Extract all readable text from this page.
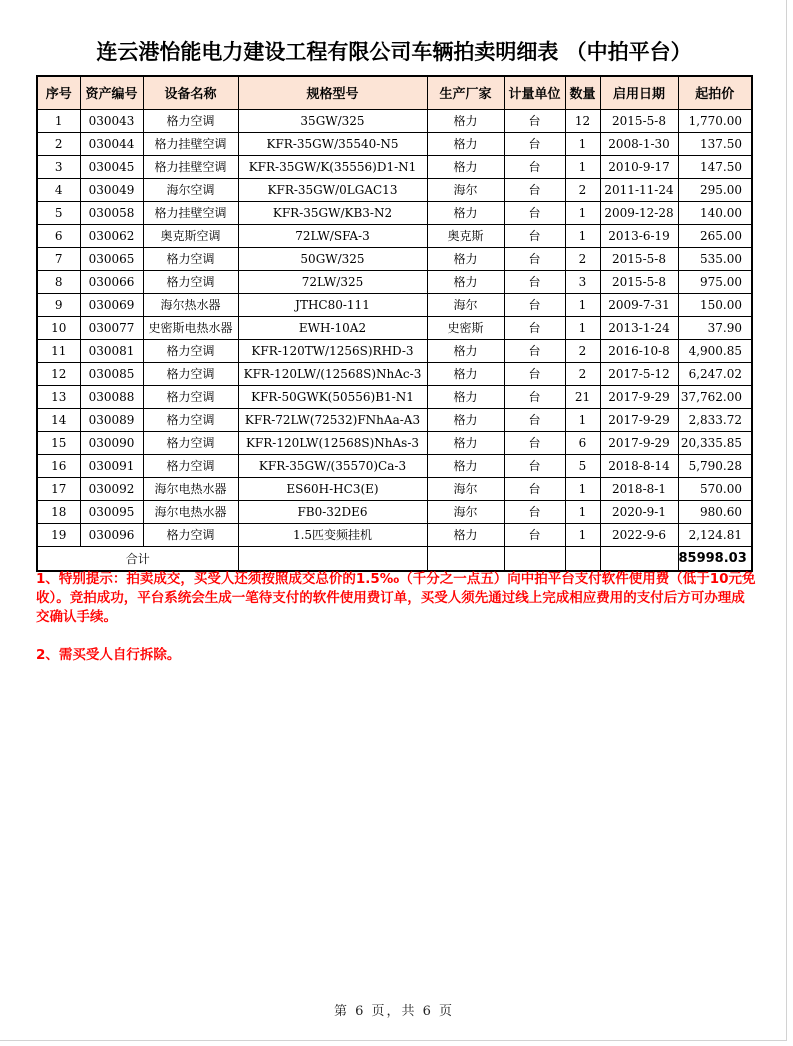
连云港怡能电力建设工程有限公司车辆拍卖明细表 （中拍平台）
序号	资产编号	设备名称	规格型号	生产厂家	计量单位	数量	启用日期	起拍价
1	030043	格力空调	35GW/325	格力	台	12	2015-5-8	1,770.00
2	030044	格力挂壁空调	KFR-35GW/35540-N5	格力	台	1	2008-1-30	137.50
3	030045	格力挂壁空调	KFR-35GW/K(35556)D1-N1	格力	台	1	2010-9-17	147.50
4	030049	海尔空调	KFR-35GW/0LGAC13	海尔	台	2	2011-11-24	295.00
5	030058	格力挂壁空调	KFR-35GW/KB3-N2	格力	台	1	2009-12-28	140.00
6	030062	奥克斯空调	72LW/SFA-3	奥克斯	台	1	2013-6-19	265.00
7	030065	格力空调	50GW/325	格力	台	2	2015-5-8	535.00
8	030066	格力空调	72LW/325	格力	台	3	2015-5-8	975.00
9	030069	海尔热水器	JTHC80-111	海尔	台	1	2009-7-31	150.00
10	030077	史密斯电热水器	EWH-10A2	史密斯	台	1	2013-1-24	37.90
11	030081	格力空调	KFR-120TW/1256S)RHD-3	格力	台	2	2016-10-8	4,900.85
12	030085	格力空调	KFR-120LW/(12568S)NhAc-3	格力	台	2	2017-5-12	6,247.02
13	030088	格力空调	KFR-50GWK(50556)B1-N1	格力	台	21	2017-9-29	37,762.00
14	030089	格力空调	KFR-72LW(72532)FNhAa-A3	格力	台	1	2017-9-29	2,833.72
15	030090	格力空调	KFR-120LW(12568S)NhAs-3	格力	台	6	2017-9-29	20,335.85
16	030091	格力空调	KFR-35GW/(35570)Ca-3	格力	台	5	2018-8-14	5,790.28
17	030092	海尔电热水器	ES60H-HC3(E)	海尔	台	1	2018-8-1	570.00
18	030095	海尔电热水器	FB0-32DE6	海尔	台	1	2020-9-1	980.60
19	030096	格力空调	1.5匹变频挂机	格力	台	1	2022-9-6	2,124.81
合计								85998.03

1、特别提示：拍卖成交，买受人还须按照成交总价的1.5‰（千分之一点五）向中拍平台支付软件使用费（低于10元免收）。竞拍成功，平台系统会生成一笔待支付的软件使用费订单，买受人须先通过线上完成相应费用的支付后方可办理成交确认手续。

2、需买受人自行拆除。

第 6 页，共 6 页
